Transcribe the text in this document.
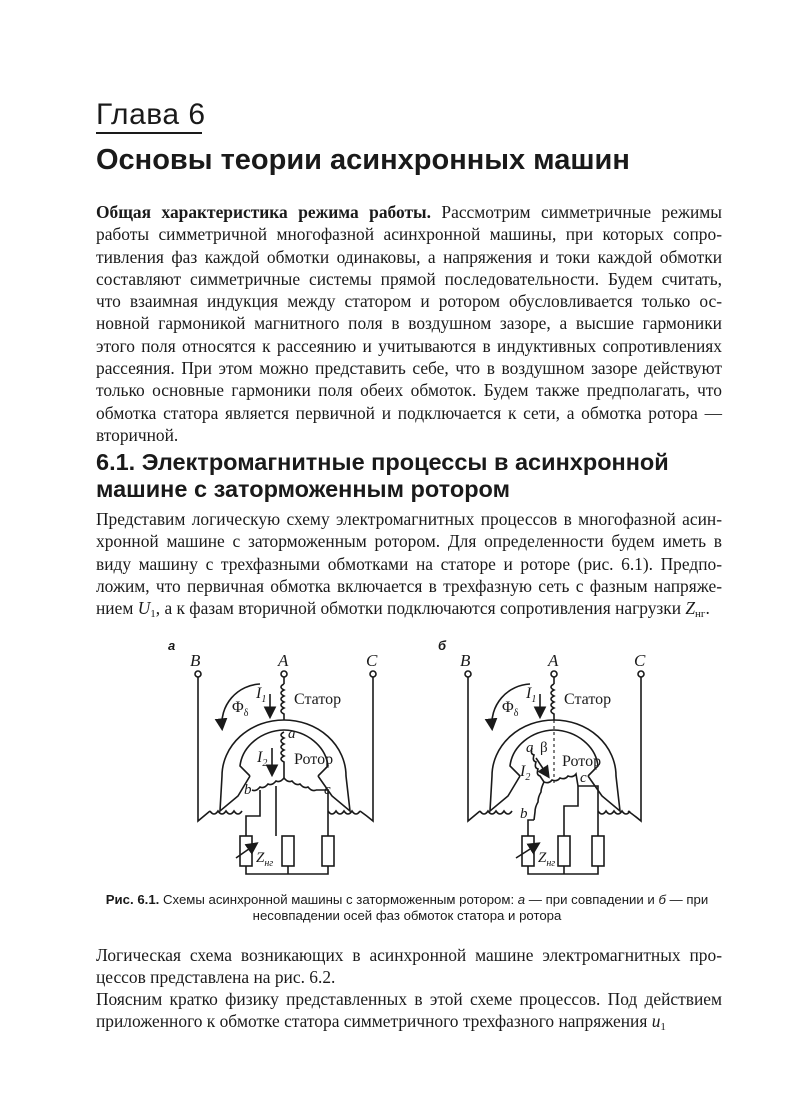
Глава 6
Основы теории асинхронных машин

Общая характеристика режима работы. Рассмотрим симметричные режимы работы симметричной многофазной асинхронной машины, при которых сопротивления фаз каждой обмотки одинаковы, а напряжения и токи каждой обмотки составляют симметричные системы прямой последовательности. Будем считать, что взаимная индукция между статором и ротором обусловливается только основной гармоникой магнитного поля в воздушном зазоре, а высшие гармоники этого поля относятся к рассеянию и учитываются в индуктивных сопротивлениях рассеяния. При этом можно представить себе, что в воздушном зазоре действуют только основные гармоники поля обеих обмоток. Будем также предполагать, что обмотка статора является первичной и подключается к сети, а обмотка ротора — вторичной.

6.1. Электромагнитные процессы в асинхронной машине с заторможенным ротором

Представим логическую схему электромагнитных процессов в многофазной асинхронной машине с заторможенным ротором. Для определенности будем иметь в виду машину с трехфазными обмотками на статоре и роторе (рис. 6.1). Предположим, что первичная обмотка включается в трехфазную сеть с фазным напряжением $U_1$, а к фазам вторичной обмотки подключаются сопротивления нагрузки $Z_{нг}$.

а
B	A	C
$\Phi_\delta$
$I_1$
$I_2$
Статор
Ротор
a
b	c
$Z_{нг}$
б
B	A	C
$\Phi_\delta$
$I_1$
$I_2$
β
Статор
Ротор
a
b
c
$Z_{нг}$
Рис. 6.1. Схемы асинхронной машины с заторможенным ротором: а — при совпадении и б — при несовпадении осей фаз обмоток статора и ротора

Логическая схема возникающих в асинхронной машине электромагнитных процессов представлена на рис. 6.2.

Поясним кратко физику представленных в этой схеме процессов. Под действием приложенного к обмотке статора симметричного трехфазного напряжения $u_1$
